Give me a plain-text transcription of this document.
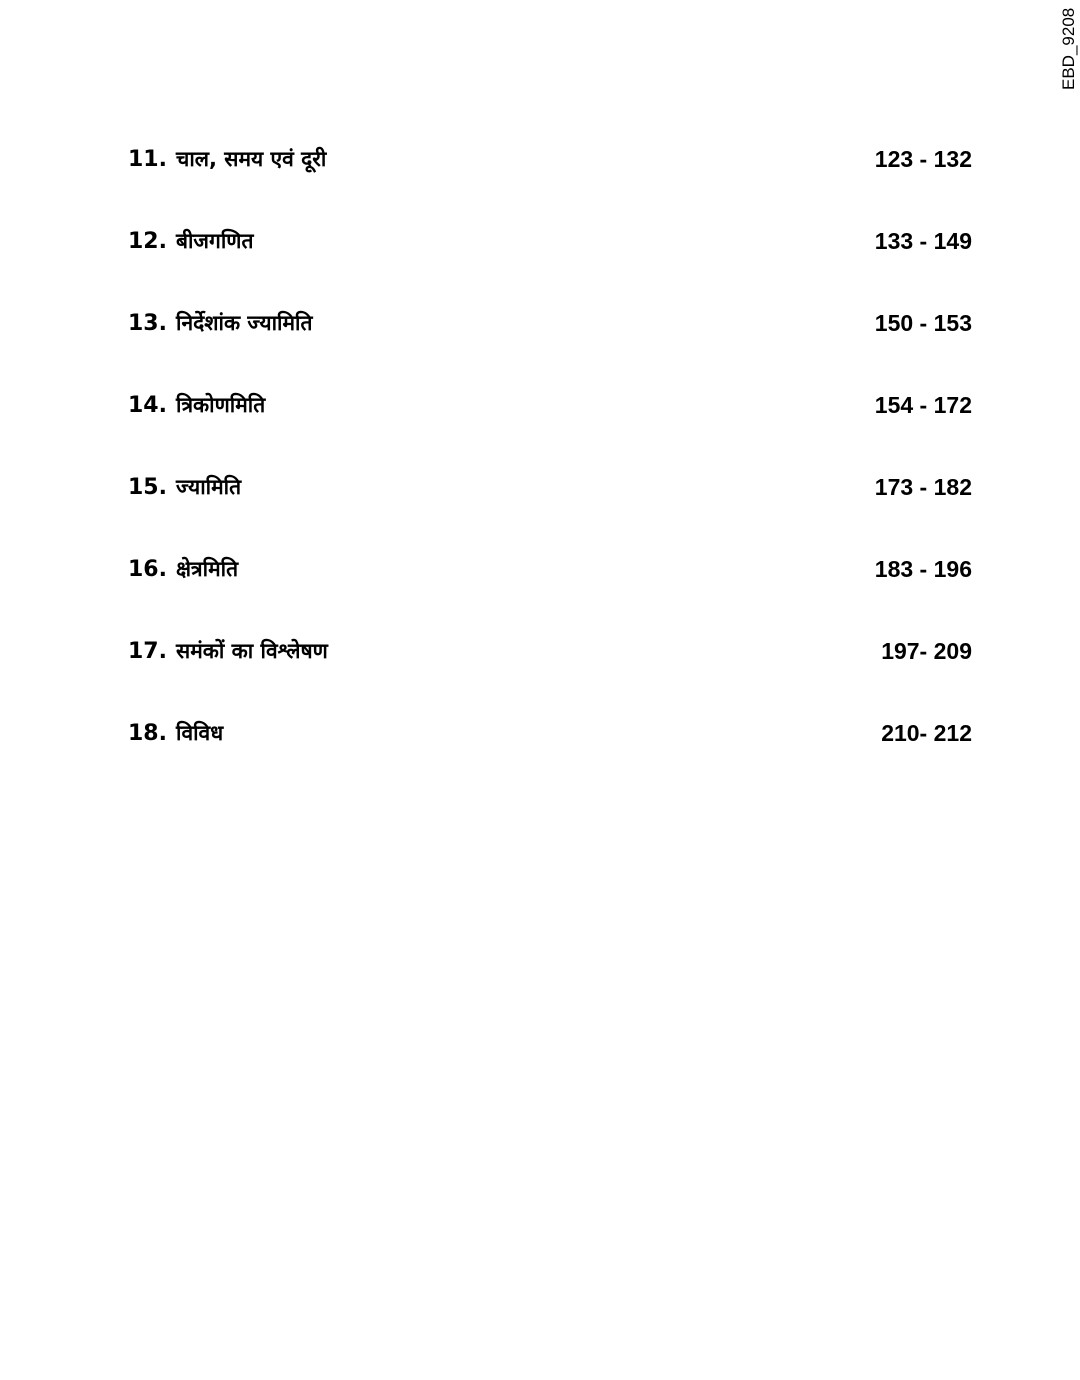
EBD_9208
11. चाल, समय एवं दूरी	123 - 132
12. बीजगणित	133 - 149
13. निर्देशांक ज्यामिति	150 - 153
14. त्रिकोणमिति	154 - 172
15. ज्यामिति	173 - 182
16. क्षेत्रमिति	183 - 196
17. समंकों का विश्लेषण	197- 209
18. विविध	210- 212
